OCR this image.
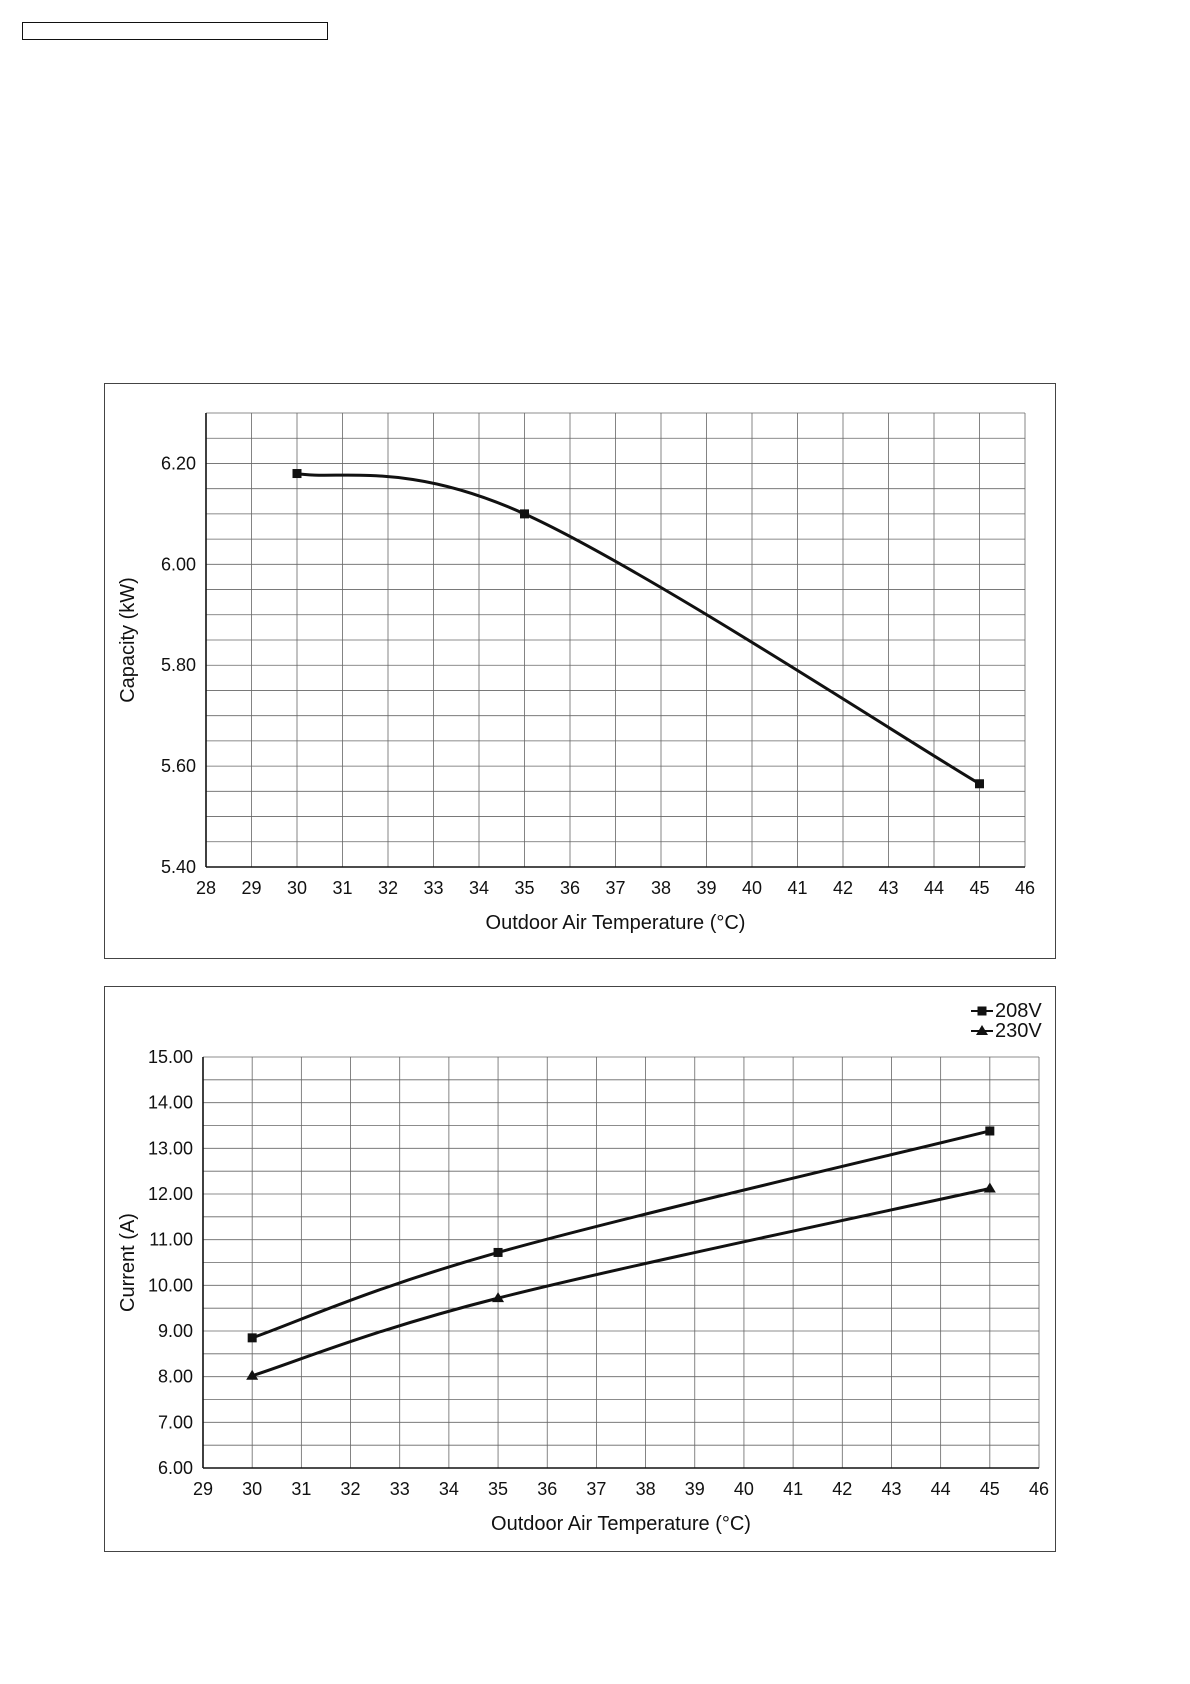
28 29 30 31 32 33 34 35 36 37 38 39 40 41 42 43 44 45 46
5.40
5.60
5.80
6.00
6.20
Outdoor Air Temperature (°C)
Capacity (kW)
29 30 31 32 33 34 35 36 37 38 39 40 41 42 43 44 45 46
6.00
7.00
8.00
9.00
10.00
11.00
12.00
13.00
14.00
15.00
Outdoor Air Temperature (°C)
Current (A)
208V
230V
